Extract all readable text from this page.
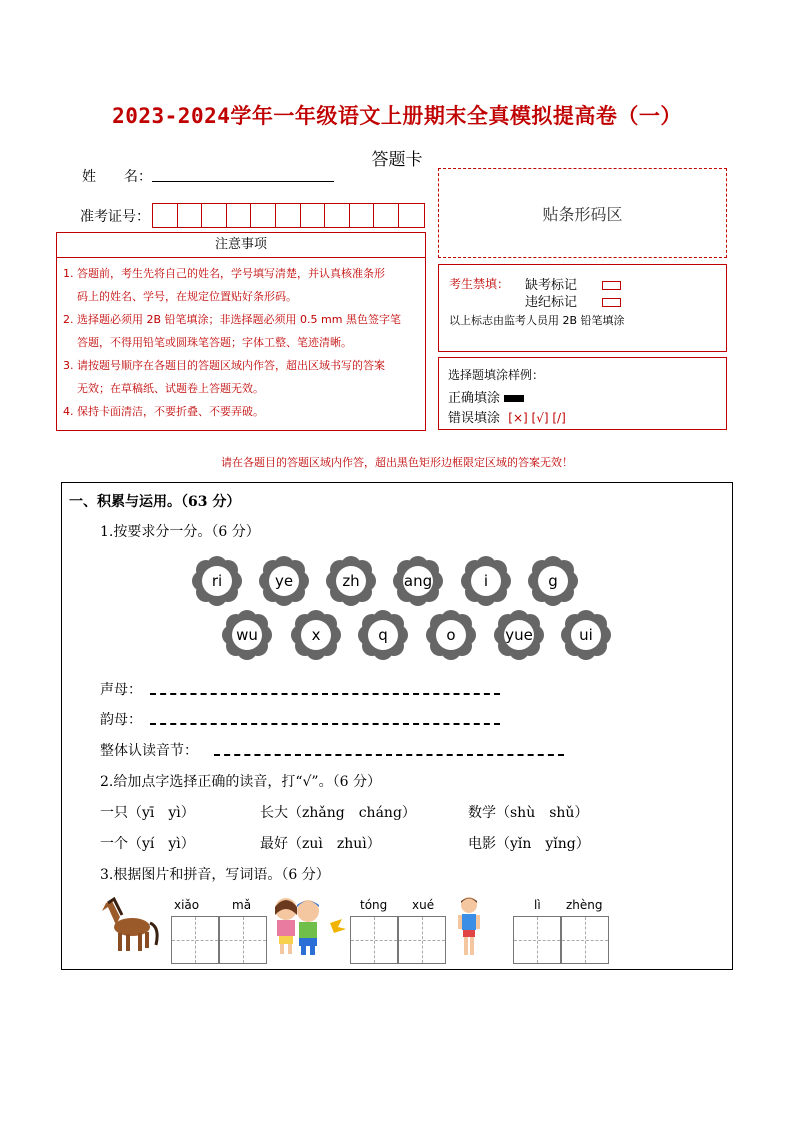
2023-2024学年一年级语文上册期末全真模拟提高卷（一）
答题卡
姓　　名：
准考证号：	贴条形码区
注意事项
1. 答题前，考生先将自己的姓名，学号填写清楚，并认真核准条形
码上的姓名、学号，在规定位置贴好条形码。
2. 选择题必须用 2B 铅笔填涂；非选择题必须用 0.5 mm 黑色签字笔
答题，不得用铅笔或圆珠笔答题；字体工整、笔迹清晰。
3. 请按题号顺序在各题目的答题区域内作答，超出区域书写的答案
无效；在草稿纸、试题卷上答题无效。
4. 保持卡面清洁，不要折叠、不要弄破。
考生禁填： 缺考标记
违纪标记
以上标志由监考人员用 2B 铅笔填涂
选择题填涂样例：
正确填涂
错误填涂 [×] [√] [/]
请在各题目的答题区域内作答，超出黑色矩形边框限定区域的答案无效！
一、积累与运用。（63 分）
1.按要求分一分。（6 分）
ri	ye	zh	ang	i	g
wu	x	q	o	yue	ui
声母：
韵母：
整体认读音节：
2.给加点字选择正确的读音，打“√”。（6 分）
一只（yī　yì）	长大（zhǎng　cháng）	数学（shù　shǔ）
一个（yí　yì）	最好（zuì　zhuì）	电影（yǐn　yǐng）
3.根据图片和拼音，写词语。（6 分）
xiǎo	mǎ	tóng xué	lì zhèng
